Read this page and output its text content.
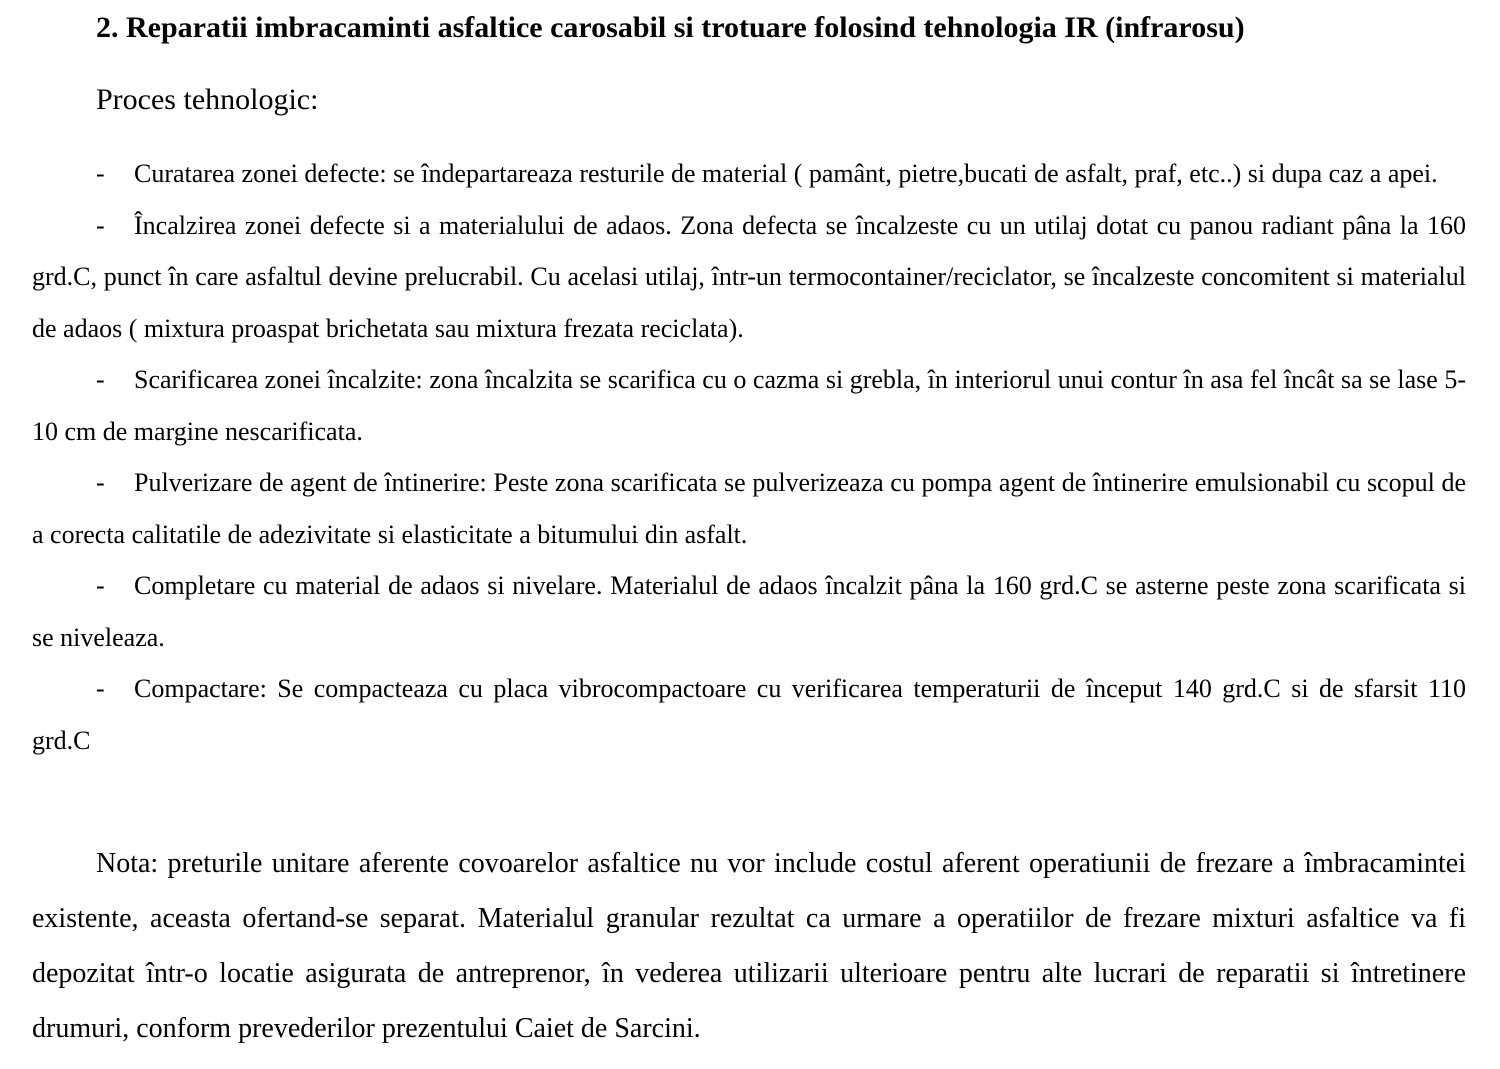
2. Reparatii imbracaminti asfaltice carosabil si trotuare folosind tehnologia IR (infrarosu)
Proces tehnologic:
- Curatarea zonei defecte: se îndepartareaza resturile de material ( pamânt, pietre,bucati de asfalt, praf, etc..) si dupa caz a apei.
- Încalzirea zonei defecte si a materialului de adaos. Zona defecta se încalzeste cu un utilaj dotat cu panou radiant pâna la 160 grd.C, punct în care asfaltul devine prelucrabil. Cu acelasi utilaj, într-un termocontainer/reciclator, se încalzeste concomitent si materialul de adaos ( mixtura proaspat brichetata sau mixtura frezata reciclata).
- Scarificarea zonei încalzite: zona încalzita se scarifica cu o cazma si grebla, în interiorul unui contur în asa fel încât sa se lase 5-10 cm de margine nescarificata.
- Pulverizare de agent de întinerire: Peste zona scarificata se pulverizeaza cu pompa agent de întinerire emulsionabil cu scopul de a corecta calitatile de adezivitate si elasticitate a bitumului din asfalt.
- Completare cu material de adaos si nivelare. Materialul de adaos încalzit pâna la 160 grd.C se asterne peste zona scarificata si se niveleaza.
- Compactare: Se compacteaza cu placa vibrocompactoare cu verificarea temperaturii de început 140 grd.C si de sfarsit 110 grd.C

Nota: preturile unitare aferente covoarelor asfaltice nu vor include costul aferent operatiunii de frezare a îmbracamintei existente, aceasta ofertand-se separat. Materialul granular rezultat ca urmare a operatiilor de frezare mixturi asfaltice va fi depozitat într-o locatie asigurata de antreprenor, în vederea utilizarii ulterioare pentru alte lucrari de reparatii si întretinere drumuri, conform prevederilor prezentului Caiet de Sarcini.
